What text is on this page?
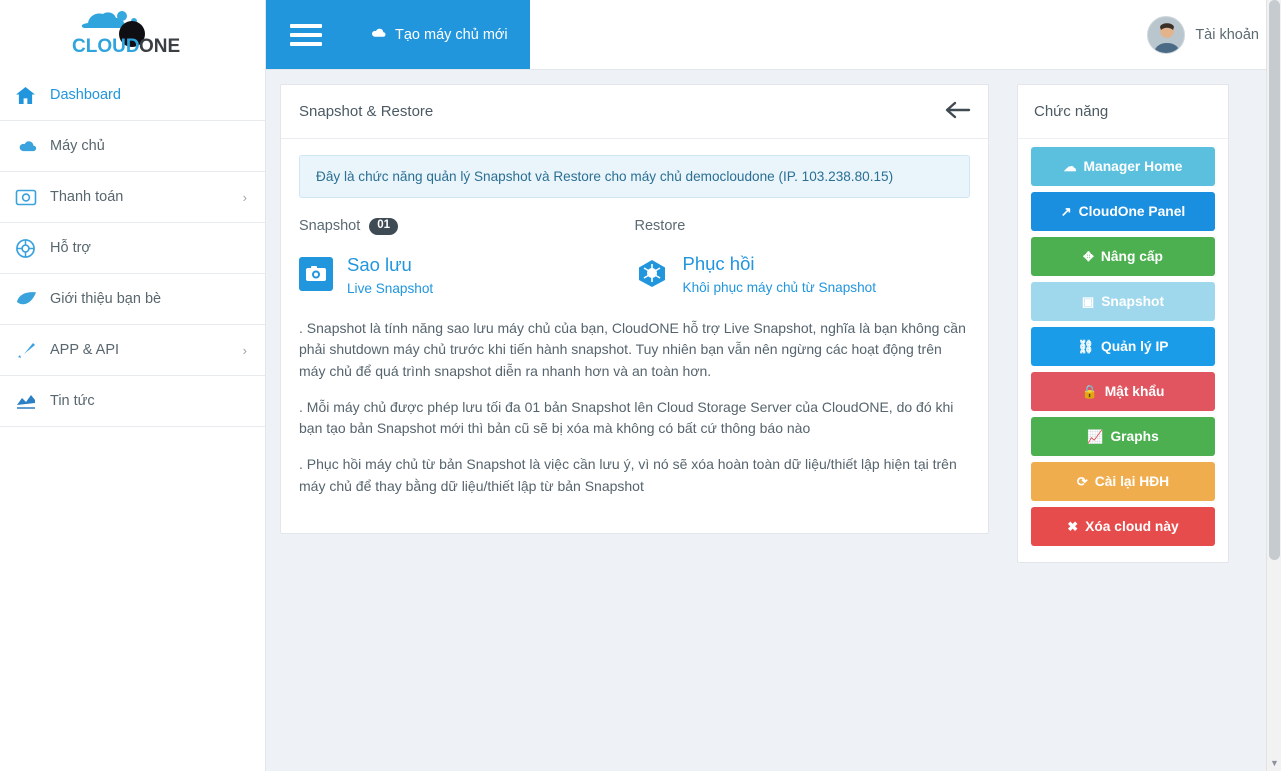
CLOUD ONE
Dashboard
Máy chủ
Thanh toán	›
Hỗ trợ
Giới thiệu bạn bè
APP & API	›
Tin tức
Tạo máy chủ mới	Tài khoản
Snapshot & Restore
Đây là chức năng quản lý Snapshot và Restore cho máy chủ democloudone (IP. 103.238.80.15)
Snapshot	01
Sao lưu
Live Snapshot
Restore
Phục hồi
Khôi phục máy chủ từ Snapshot

. Snapshot là tính năng sao lưu máy chủ của bạn, CloudONE hỗ trợ Live Snapshot, nghĩa là bạn không cần phải shutdown máy chủ trước khi tiến hành snapshot. Tuy nhiên bạn vẫn nên ngừng các hoạt động trên máy chủ để quá trình snapshot diễn ra nhanh hơn và an toàn hơn.

. Mỗi máy chủ được phép lưu tối đa 01 bản Snapshot lên Cloud Storage Server của CloudONE, do đó khi bạn tạo bản Snapshot mới thì bản cũ sẽ bị xóa mà không có bất cứ thông báo nào

. Phục hồi máy chủ từ bản Snapshot là việc cần lưu ý, vì nó sẽ xóa hoàn toàn dữ liệu/thiết lập hiện tại trên máy chủ để thay bằng dữ liệu/thiết lập từ bản Snapshot

Chức năng
☁ Manager Home
↗ CloudOne Panel
✥ Nâng cấp
▣ Snapshot
⛓ Quản lý IP
🔒 Mật khẩu
📈 Graphs
⟳ Cài lại HĐH
✖ Xóa cloud này
▼
